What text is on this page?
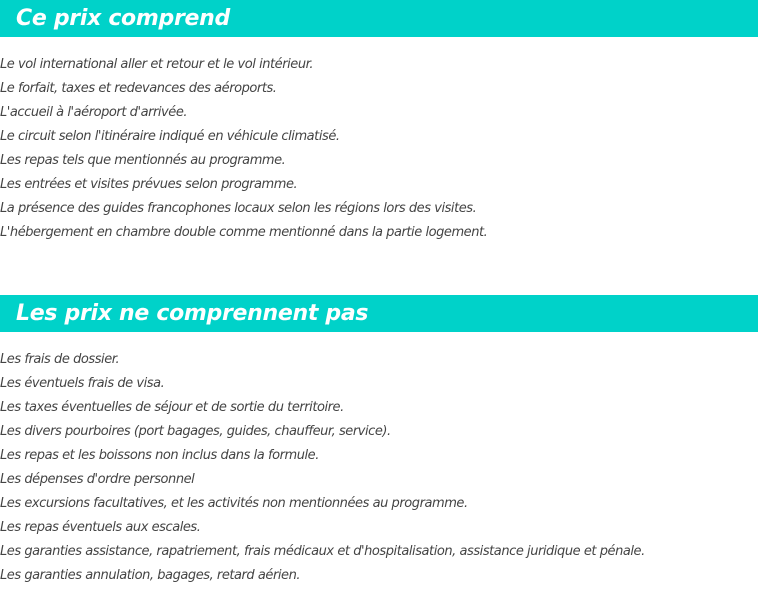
Ce prix comprend
Le vol international aller et retour et le vol intérieur.
Le forfait, taxes et redevances des aéroports.
L'accueil à l'aéroport d'arrivée.
Le circuit selon l'itinéraire indiqué en véhicule climatisé.
Les repas tels que mentionnés au programme.
Les entrées et visites prévues selon programme.
La présence des guides francophones locaux selon les régions lors des visites.
L'hébergement en chambre double comme mentionné dans la partie logement.
Les prix ne comprennent pas
Les frais de dossier.
Les éventuels frais de visa.
Les taxes éventuelles de séjour et de sortie du territoire.
Les divers pourboires (port bagages, guides, chauffeur, service).
Les repas et les boissons non inclus dans la formule.
Les dépenses d'ordre personnel
Les excursions facultatives, et les activités non mentionnées au programme.
Les repas éventuels aux escales.
Les garanties assistance, rapatriement, frais médicaux et d'hospitalisation, assistance juridique et pénale.
Les garanties annulation, bagages, retard aérien.
